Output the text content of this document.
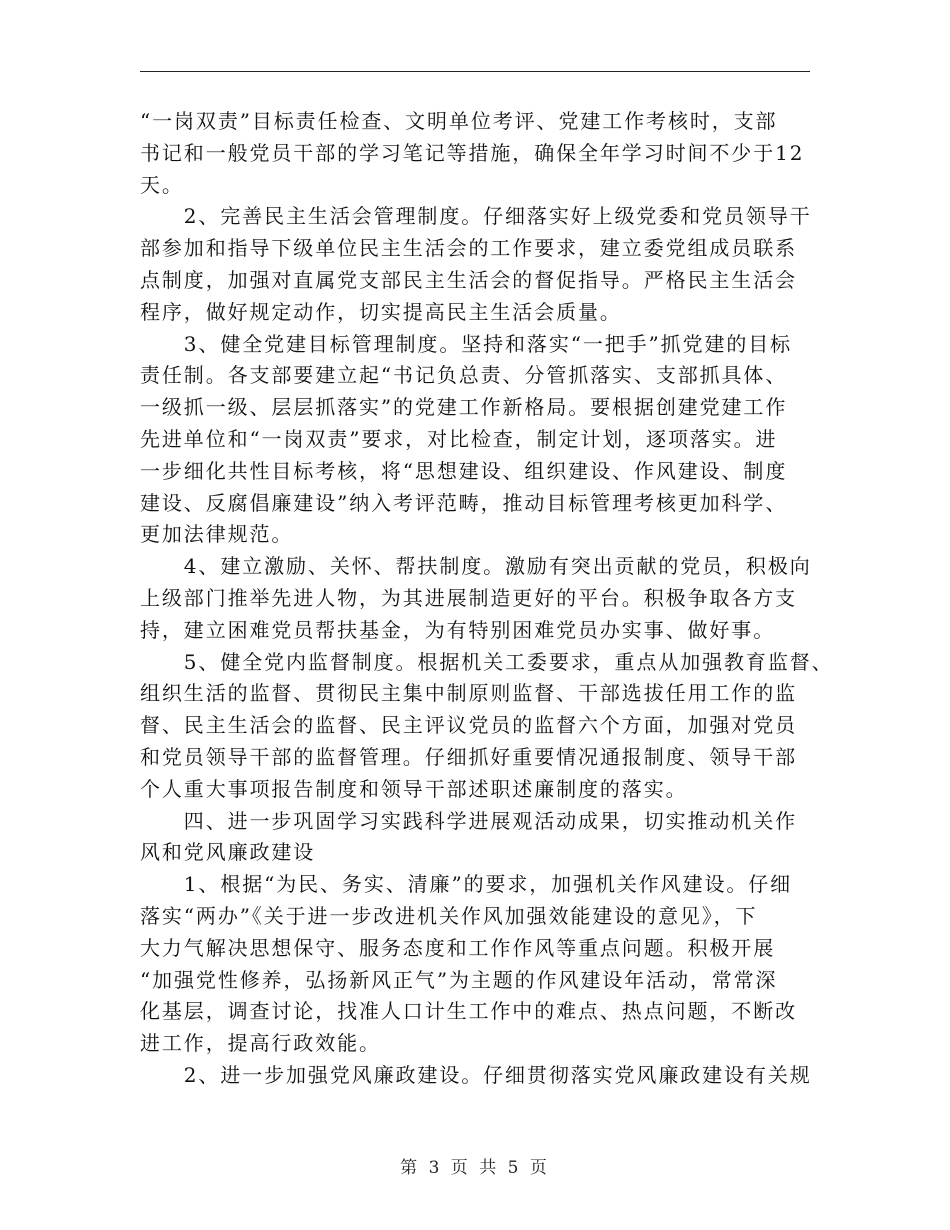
“一岗双责”目标责任检查、文明单位考评、党建工作考核时，支部
书记和一般党员干部的学习笔记等措施，确保全年学习时间不少于12
天。
　　2、完善民主生活会管理制度。仔细落实好上级党委和党员领导干
部参加和指导下级单位民主生活会的工作要求，建立委党组成员联系
点制度，加强对直属党支部民主生活会的督促指导。严格民主生活会
程序，做好规定动作，切实提高民主生活会质量。
　　3、健全党建目标管理制度。坚持和落实“一把手”抓党建的目标
责任制。各支部要建立起“书记负总责、分管抓落实、支部抓具体、
一级抓一级、层层抓落实”的党建工作新格局。要根据创建党建工作
先进单位和“一岗双责”要求，对比检查，制定计划，逐项落实。进
一步细化共性目标考核，将“思想建设、组织建设、作风建设、制度
建设、反腐倡廉建设”纳入考评范畴，推动目标管理考核更加科学、
更加法律规范。
　　4、建立激励、关怀、帮扶制度。激励有突出贡献的党员，积极向
上级部门推举先进人物，为其进展制造更好的平台。积极争取各方支
持，建立困难党员帮扶基金，为有特别困难党员办实事、做好事。
　　5、健全党内监督制度。根据机关工委要求，重点从加强教育监督、
组织生活的监督、贯彻民主集中制原则监督、干部选拔任用工作的监
督、民主生活会的监督、民主评议党员的监督六个方面，加强对党员
和党员领导干部的监督管理。仔细抓好重要情况通报制度、领导干部
个人重大事项报告制度和领导干部述职述廉制度的落实。
　　四、进一步巩固学习实践科学进展观活动成果，切实推动机关作
风和党风廉政建设
　　1、根据“为民、务实、清廉”的要求，加强机关作风建设。仔细
落实“两办”《关于进一步改进机关作风加强效能建设的意见》，下
大力气解决思想保守、服务态度和工作作风等重点问题。积极开展
“加强党性修养，弘扬新风正气”为主题的作风建设年活动，常常深
化基层，调查讨论，找准人口计生工作中的难点、热点问题，不断改
进工作，提高行政效能。
　　2、进一步加强党风廉政建设。仔细贯彻落实党风廉政建设有关规
第 3 页 共 5 页
